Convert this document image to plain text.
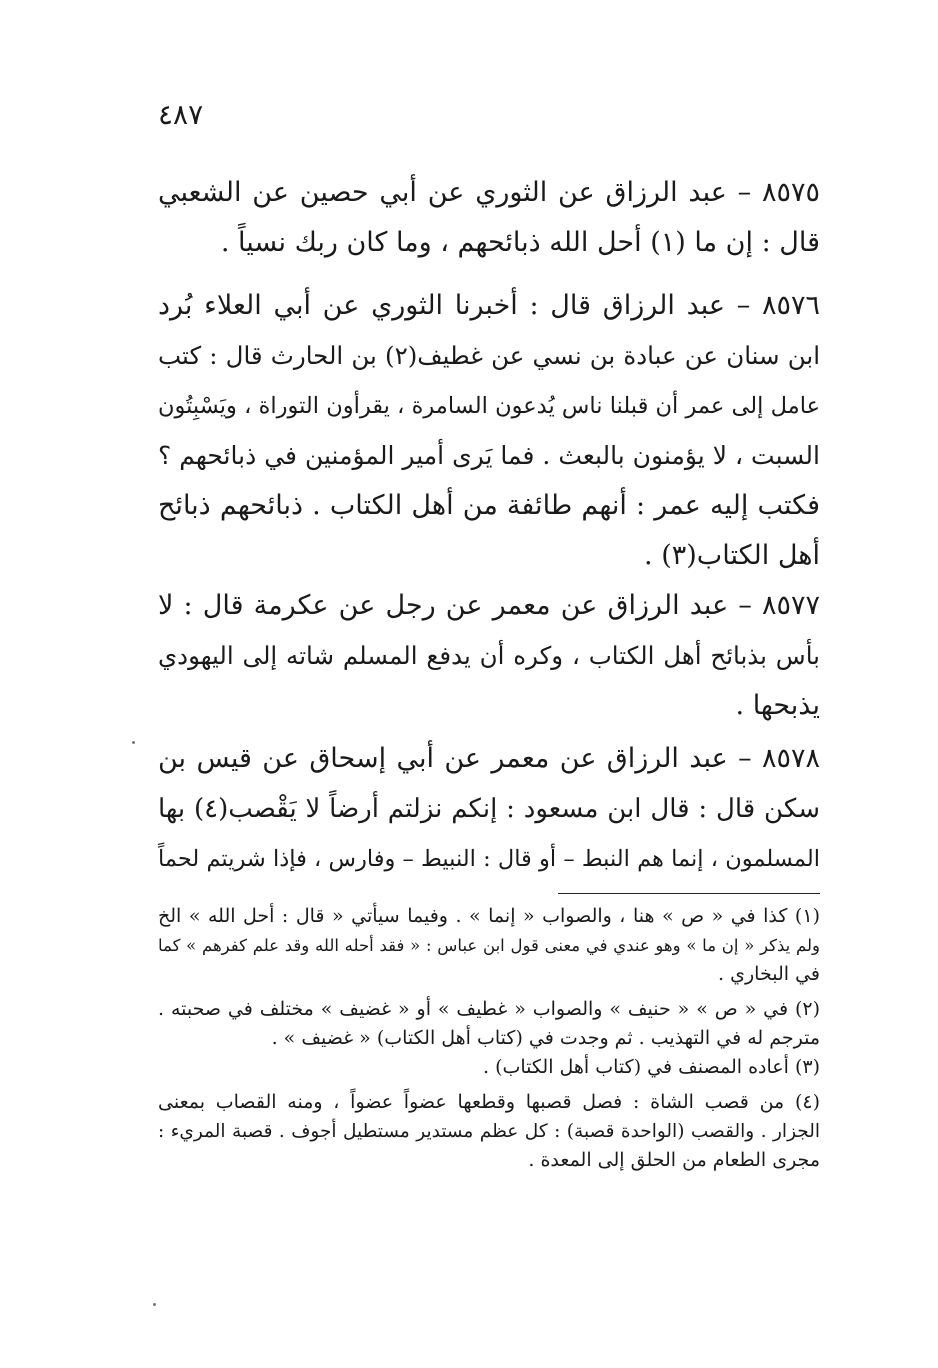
٤٨٧
٨٥٧٥ – عبد الرزاق عن الثوري عن أبي حصين عن الشعبي
قال : إن ما (١) أحل الله ذبائحهم ، وما كان ربك نسياً .
٨٥٧٦ – عبد الرزاق قال : أخبرنا الثوري عن أبي العلاء بُرد
ابن سنان عن عبادة بن نسي عن غطيف(٢) بن الحارث قال : كتب
عامل إلى عمر أن قبلنا ناس يُدعون السامرة ، يقرأون التوراة ، ويَسْبِتُون
السبت ، لا يؤمنون بالبعث . فما يَرى أمير المؤمنين في ذبائحهم ؟
فكتب إليه عمر : أنهم طائفة من أهل الكتاب . ذبائحهم ذبائح
أهل الكتاب(٣) .
٨٥٧٧ – عبد الرزاق عن معمر عن رجل عن عكرمة قال : لا
بأس بذبائح أهل الكتاب ، وكره أن يدفع المسلم شاته إلى اليهودي
يذبحها .
٨٥٧٨ – عبد الرزاق عن معمر عن أبي إسحاق عن قيس بن
سكن قال : قال ابن مسعود : إنكم نزلتم أرضاً لا يَقْصب(٤) بها
المسلمون ، إنما هم النبط – أو قال : النبيط – وفارس ، فإذا شريتم لحماً
(١) كذا في « ص » هنا ، والصواب « إنما » . وفيما سيأتي « قال : أحل الله » الخ
ولم يذكر « إن ما » وهو عندي في معنى قول ابن عباس : « فقد أحله الله وقد علم كفرهم » كما
في البخاري .
(٢) في « ص » « حنيف » والصواب « غطيف » أو « غضيف » مختلف في صحبته .
مترجم له في التهذيب . ثم وجدت في (كتاب أهل الكتاب) « غضيف » .
(٣) أعاده المصنف في (كتاب أهل الكتاب) .
(٤) من قصب الشاة : فصل قصبها وقطعها عضواً عضواً ، ومنه القصاب بمعنى
الجزار . والقصب (الواحدة قصبة) : كل عظم مستدير مستطيل أجوف . قصبة المريء :
مجرى الطعام من الحلق إلى المعدة .
